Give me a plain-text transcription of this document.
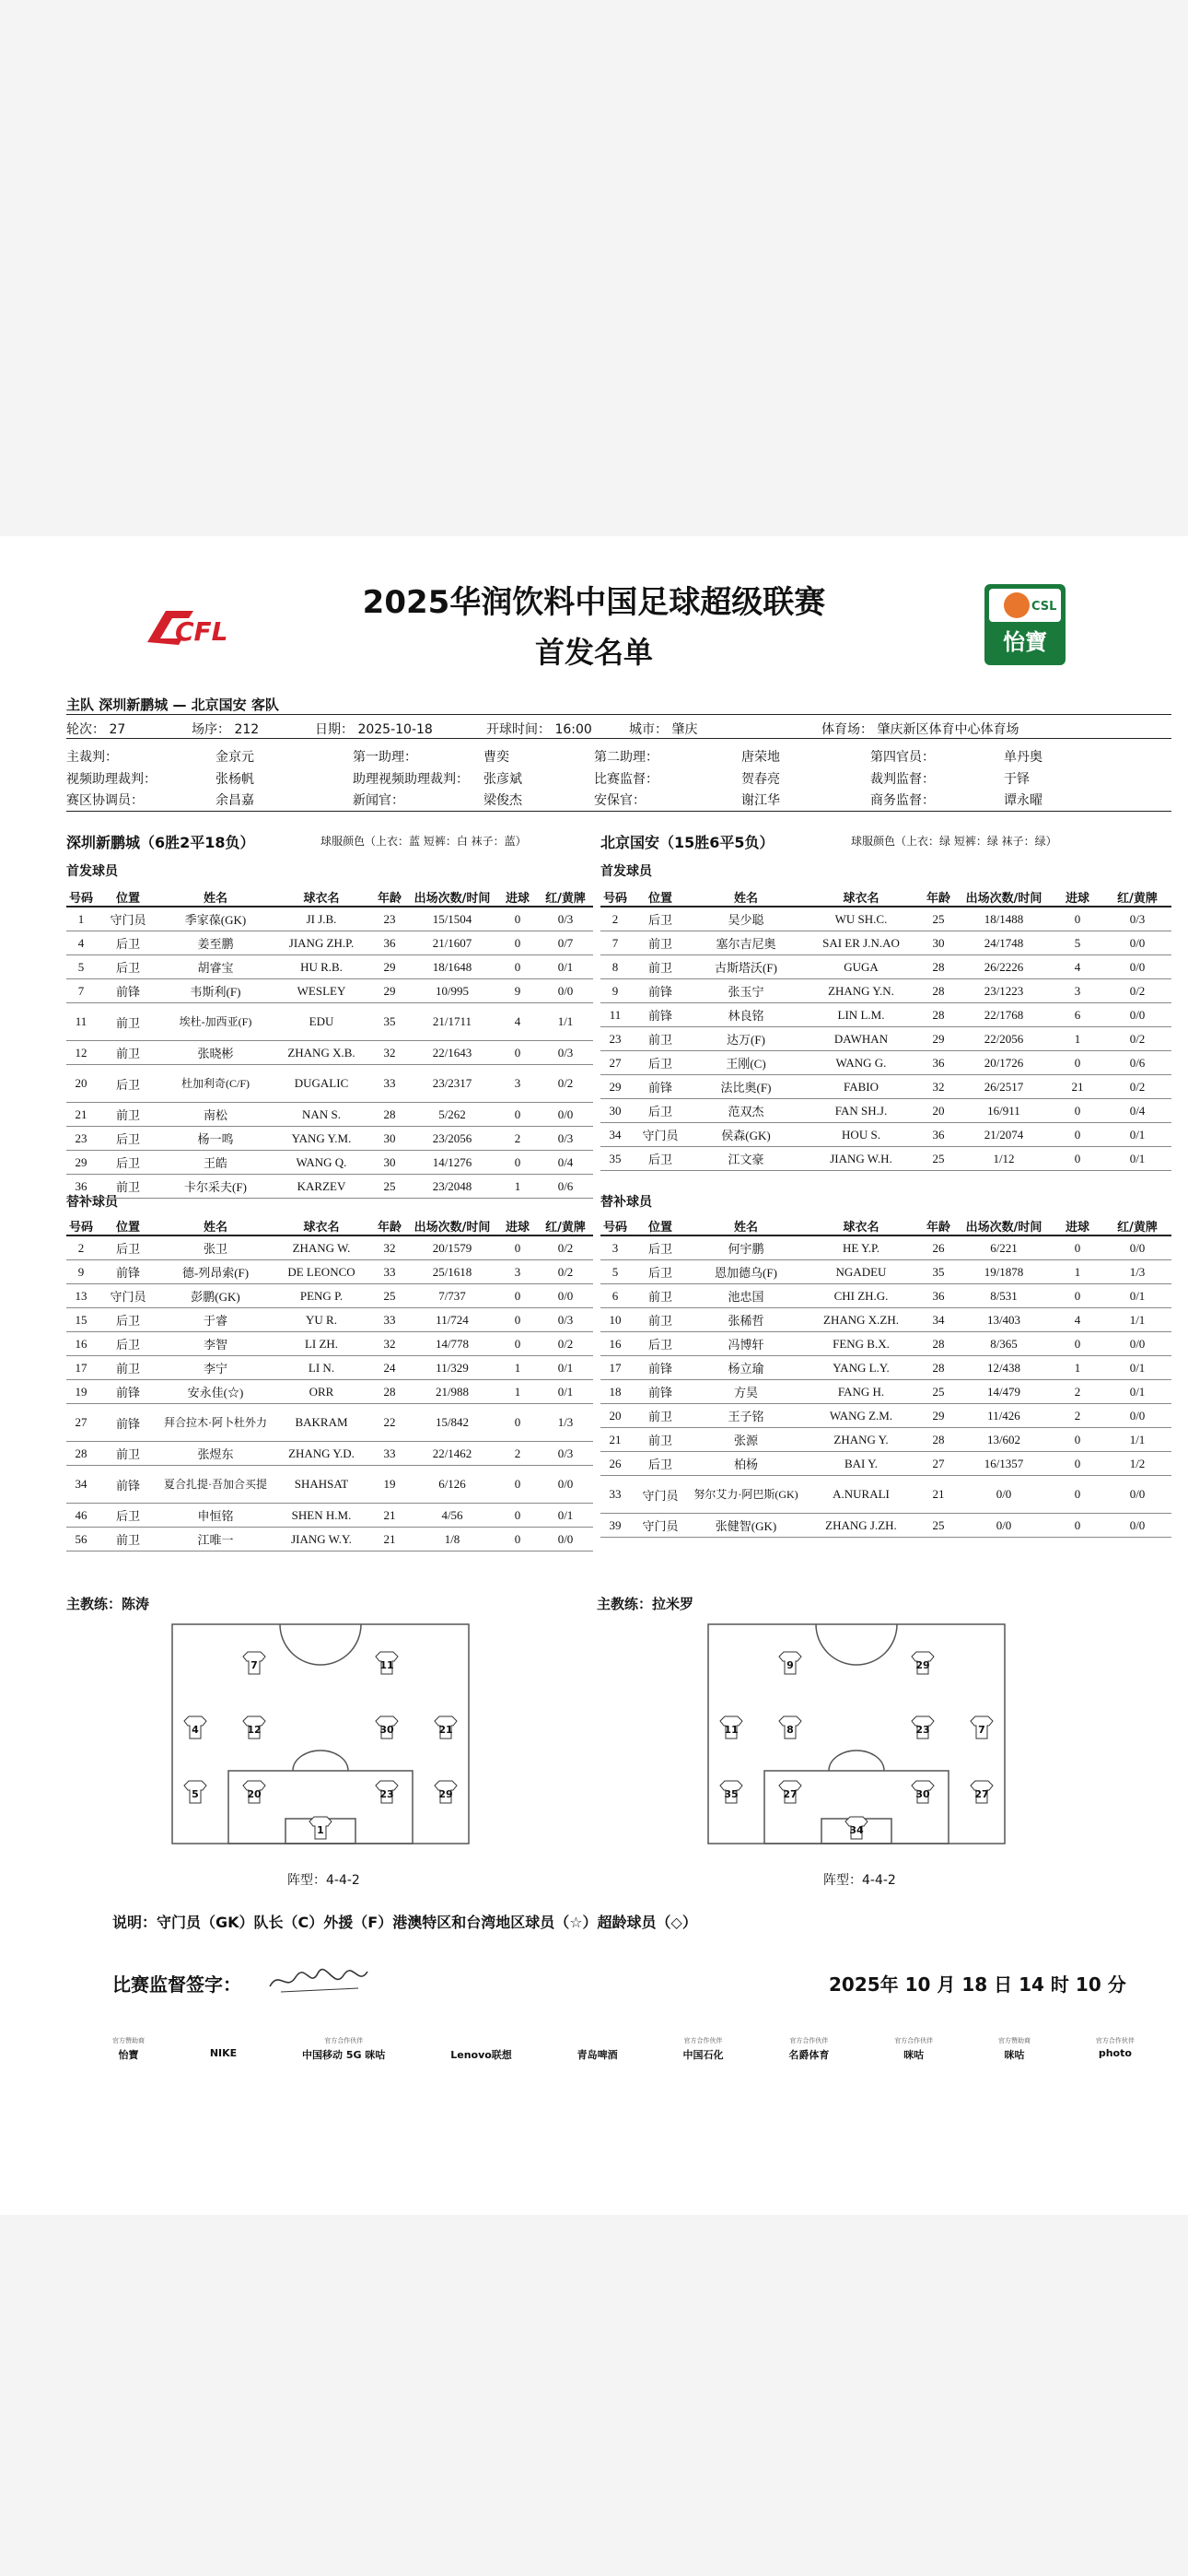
CFL
CSL
怡寶
2025华润饮料中国足球超级联赛
首发名单
主队 深圳新鹏城 — 北京国安 客队
轮次： 27	场序： 212	日期： 2025-10-18	开球时间： 16:00	城市： 肇庆	体育场： 肇庆新区体育中心体育场
主裁判：	金京元	第一助理：	曹奕	第二助理：	唐荣地	第四官员：	单丹奥
视频助理裁判：	张杨帆	助理视频助理裁判： 张彦斌	比赛监督：	贺春亮	裁判监督：	于铎
赛区协调员：	余昌嘉	新闻官：	梁俊杰	安保官：	谢江华	商务监督：	谭永曜
深圳新鹏城（6胜2平18负）	球服颜色（上衣：蓝 短裤：白 袜子：蓝）	北京国安（15胜6平5负）	球服颜色（上衣：绿 短裤：绿 袜子：绿）
首发球员	首发球员
替补球员	替补球员
号码	位置	姓名	球衣名	年龄	出场次数/时间	进球	红/黄牌
1	守门员	季家葆(GK)	JI J.B.	23	15/1504	0	0/3
4	后卫	姜至鹏	JIANG ZH.P.	36	21/1607	0	0/7
5	后卫	胡睿宝	HU R.B.	29	18/1648	0	0/1
7	前锋	韦斯利(F)	WESLEY	29	10/995	9	0/0
11	前卫	埃杜-加西亚(F)	EDU	35	21/1711	4	1/1
12	前卫	张晓彬	ZHANG X.B.	32	22/1643	0	0/3
20	后卫	杜加利奇(C/F)	DUGALIC	33	23/2317	3	0/2
21	前卫	南松	NAN S.	28	5/262	0	0/0
23	后卫	杨一鸣	YANG Y.M.	30	23/2056	2	0/3
29	后卫	王皓	WANG Q.	30	14/1276	0	0/4
36	前卫	卡尔采夫(F)	KARZEV	25	23/2048	1	0/6
号码	位置	姓名	球衣名	年龄	出场次数/时间	进球	红/黄牌
2	后卫	吴少聪	WU SH.C.	25	18/1488	0	0/3
7	前卫	塞尔吉尼奥	SAI ER J.N.AO	30	24/1748	5	0/0
8	前卫	古斯塔沃(F)	GUGA	28	26/2226	4	0/0
9	前锋	张玉宁	ZHANG Y.N.	28	23/1223	3	0/2
11	前锋	林良铭	LIN L.M.	28	22/1768	6	0/0
23	前卫	达万(F)	DAWHAN	29	22/2056	1	0/2
27	后卫	王刚(C)	WANG G.	36	20/1726	0	0/6
29	前锋	法比奥(F)	FABIO	32	26/2517	21	0/2
30	后卫	范双杰	FAN SH.J.	20	16/911	0	0/4
34	守门员	侯森(GK)	HOU S.	36	21/2074	0	0/1
35	后卫	江文豪	JIANG W.H.	25	1/12	0	0/1
号码	位置	姓名	球衣名	年龄	出场次数/时间	进球	红/黄牌
2	后卫	张卫	ZHANG W.	32	20/1579	0	0/2
9	前锋	德-列昂索(F)	DE LEONCO	33	25/1618	3	0/2
13	守门员	彭鹏(GK)	PENG P.	25	7/737	0	0/0
15	后卫	于睿	YU R.	33	11/724	0	0/3
16	后卫	李智	LI ZH.	32	14/778	0	0/2
17	前卫	李宁	LI N.	24	11/329	1	0/1
19	前锋	安永佳(☆)	ORR	28	21/988	1	0/1
27	前锋	拜合拉木·阿卜杜外力	BAKRAM	22	15/842	0	1/3
28	前卫	张煜东	ZHANG Y.D.	33	22/1462	2	0/3
34	前锋	夏合扎提·吾加合买提	SHAHSAT	19	6/126	0	0/0
46	后卫	申恒铭	SHEN H.M.	21	4/56	0	0/1
56	前卫	江唯一	JIANG W.Y.	21	1/8	0	0/0
号码	位置	姓名	球衣名	年龄	出场次数/时间	进球	红/黄牌
3	后卫	何宇鹏	HE Y.P.	26	6/221	0	0/0
5	后卫	恩加德乌(F)	NGADEU	35	19/1878	1	1/3
6	前卫	池忠国	CHI ZH.G.	36	8/531	0	0/1
10	前卫	张稀哲	ZHANG X.ZH.	34	13/403	4	1/1
16	后卫	冯博轩	FENG B.X.	28	8/365	0	0/0
17	前锋	杨立瑜	YANG L.Y.	28	12/438	1	0/1
18	前锋	方昊	FANG H.	25	14/479	2	0/1
20	前卫	王子铭	WANG Z.M.	29	11/426	2	0/0
21	前卫	张源	ZHANG Y.	28	13/602	0	1/1
26	后卫	柏杨	BAI Y.	27	16/1357	0	1/2
33	守门员	努尔艾力·阿巴斯(GK)	A.NURALI	21	0/0	0	0/0
39	守门员	张健智(GK)	ZHANG J.ZH.	25	0/0	0	0/0
主教练：陈涛	主教练：拉米罗
7	11
4	12	30	21
5	20	23	29
1
9	29
11	8	23	7
35	27	30	27
34
阵型：4-4-2	阵型：4-4-2
说明：守门员（GK）队长（C）外援（F）港澳特区和台湾地区球员（☆）超龄球员（◇）
比赛监督签字：	2025年 10 月 18 日 14 时 10 分
官方赞助商
怡寶	NIKE
官方合作伙伴
中国移动 5G 咪咕	Lenovo联想	青岛啤酒
官方合作伙伴
中国石化
官方合作伙伴
名爵体育
官方合作伙伴
咪咕
官方赞助商
咪咕
官方合作伙伴
photo
